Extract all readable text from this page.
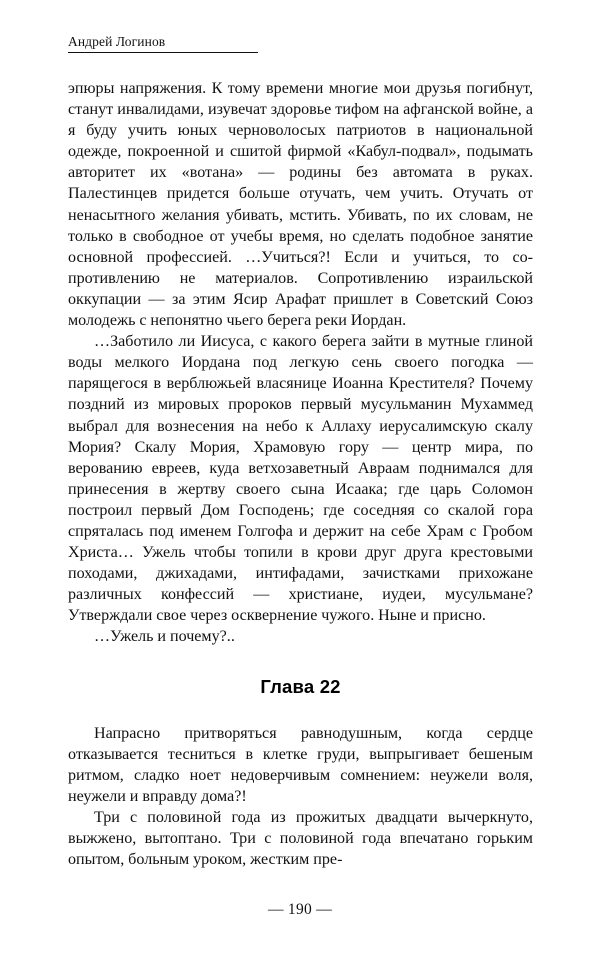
Андрей Логинов

эпюры напряжения. К тому времени многие мои друзья погибнут, станут инвалидами, изувечат здоровье тифом на афганской войне, а я буду учить юных черноволосых патриотов в национальной одежде, покроенной и сшитой фирмой «Кабул-подвал», подымать авторитет их «вотана» — родины без автомата в руках. Палестинцев придется больше отучать, чем учить. Отучать от ненасытного желания убивать, мстить. Убивать, по их словам, не только в свободное от учебы время, но сделать подобное занятие основной профессией. …Учиться?! Если и учиться, то сопротивлению не материалов. Сопротивлению израильской оккупации — за этим Ясир Арафат пришлет в Советский Союз молодежь с непонятно чьего берега реки Иордан.

…Заботило ли Иисуса, с какого берега зайти в мутные глиной воды мелкого Иордана под легкую сень своего погодка — парящегося в верблюжьей власянице Иоанна Крестителя? Почему поздний из мировых пророков первый мусульманин Мухаммед выбрал для вознесения на небо к Аллаху иерусалимскую скалу Мория? Скалу Мория, Храмовую гору — центр мира, по верованию евреев, куда ветхозаветный Авраам поднимался для принесения в жертву своего сына Исаака; где царь Соломон построил первый Дом Господень; где соседняя со скалой гора спряталась под именем Голгофа и держит на себе Храм с Гробом Христа… Ужель чтобы топили в крови друг друга крестовыми походами, джихадами, интифадами, зачистками прихожане различных конфессий — христиане, иудеи, мусульмане? Утверждали свое через осквернение чужого. Ныне и присно.

…Ужель и почему?..

Глава 22

Напрасно притворяться равнодушным, когда сердце отказывается тесниться в клетке груди, выпрыгивает бешеным ритмом, сладко ноет недоверчивым сомнением: неужели воля, неужели и вправду дома?!

Три с половиной года из прожитых двадцати вычеркнуто, выжжено, вытоптано. Три с половиной года впечатано горьким опытом, больным уроком, жестким пре-

— 190 —
